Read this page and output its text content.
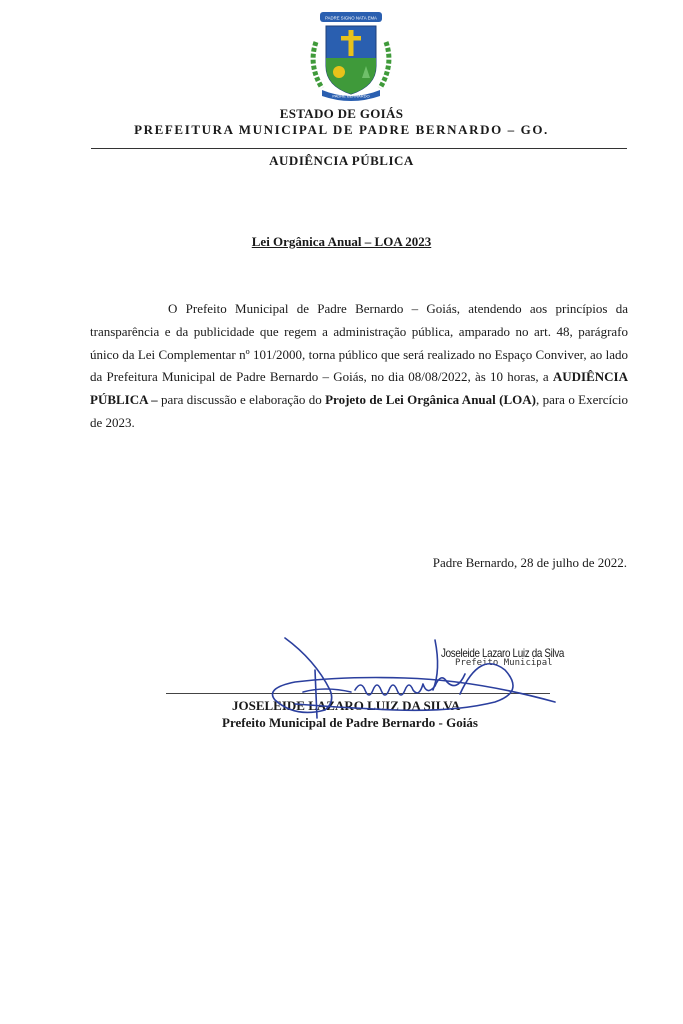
PADRE SIGNO NATA EMA
PADRE BERNARDO
ESTADO DE GOIÁS
PREFEITURA MUNICIPAL DE PADRE BERNARDO – GO.
AUDIÊNCIA PÚBLICA
Lei Orgânica Anual – LOA 2023

O Prefeito Municipal de Padre Bernardo – Goiás, atendendo aos princípios da transparência e da publicidade que regem a administração pública, amparado no art. 48, parágrafo único da Lei Complementar nº 101/2000, torna público que será realizado no Espaço Conviver, ao lado da Prefeitura Municipal de Padre Bernardo – Goiás, no dia 08/08/2022, às 10 horas, a AUDIÊNCIA PÚBLICA – para discussão e elaboração do Projeto de Lei Orgânica Anual (LOA), para o Exercício de 2023.

Padre Bernardo, 28 de julho de 2022.
Joseleide Lazaro Luiz da Silva
Prefeito Municipal
JOSELEIDE LAZARO LUIZ DA SILVA
Prefeito Municipal de Padre Bernardo - Goiás
